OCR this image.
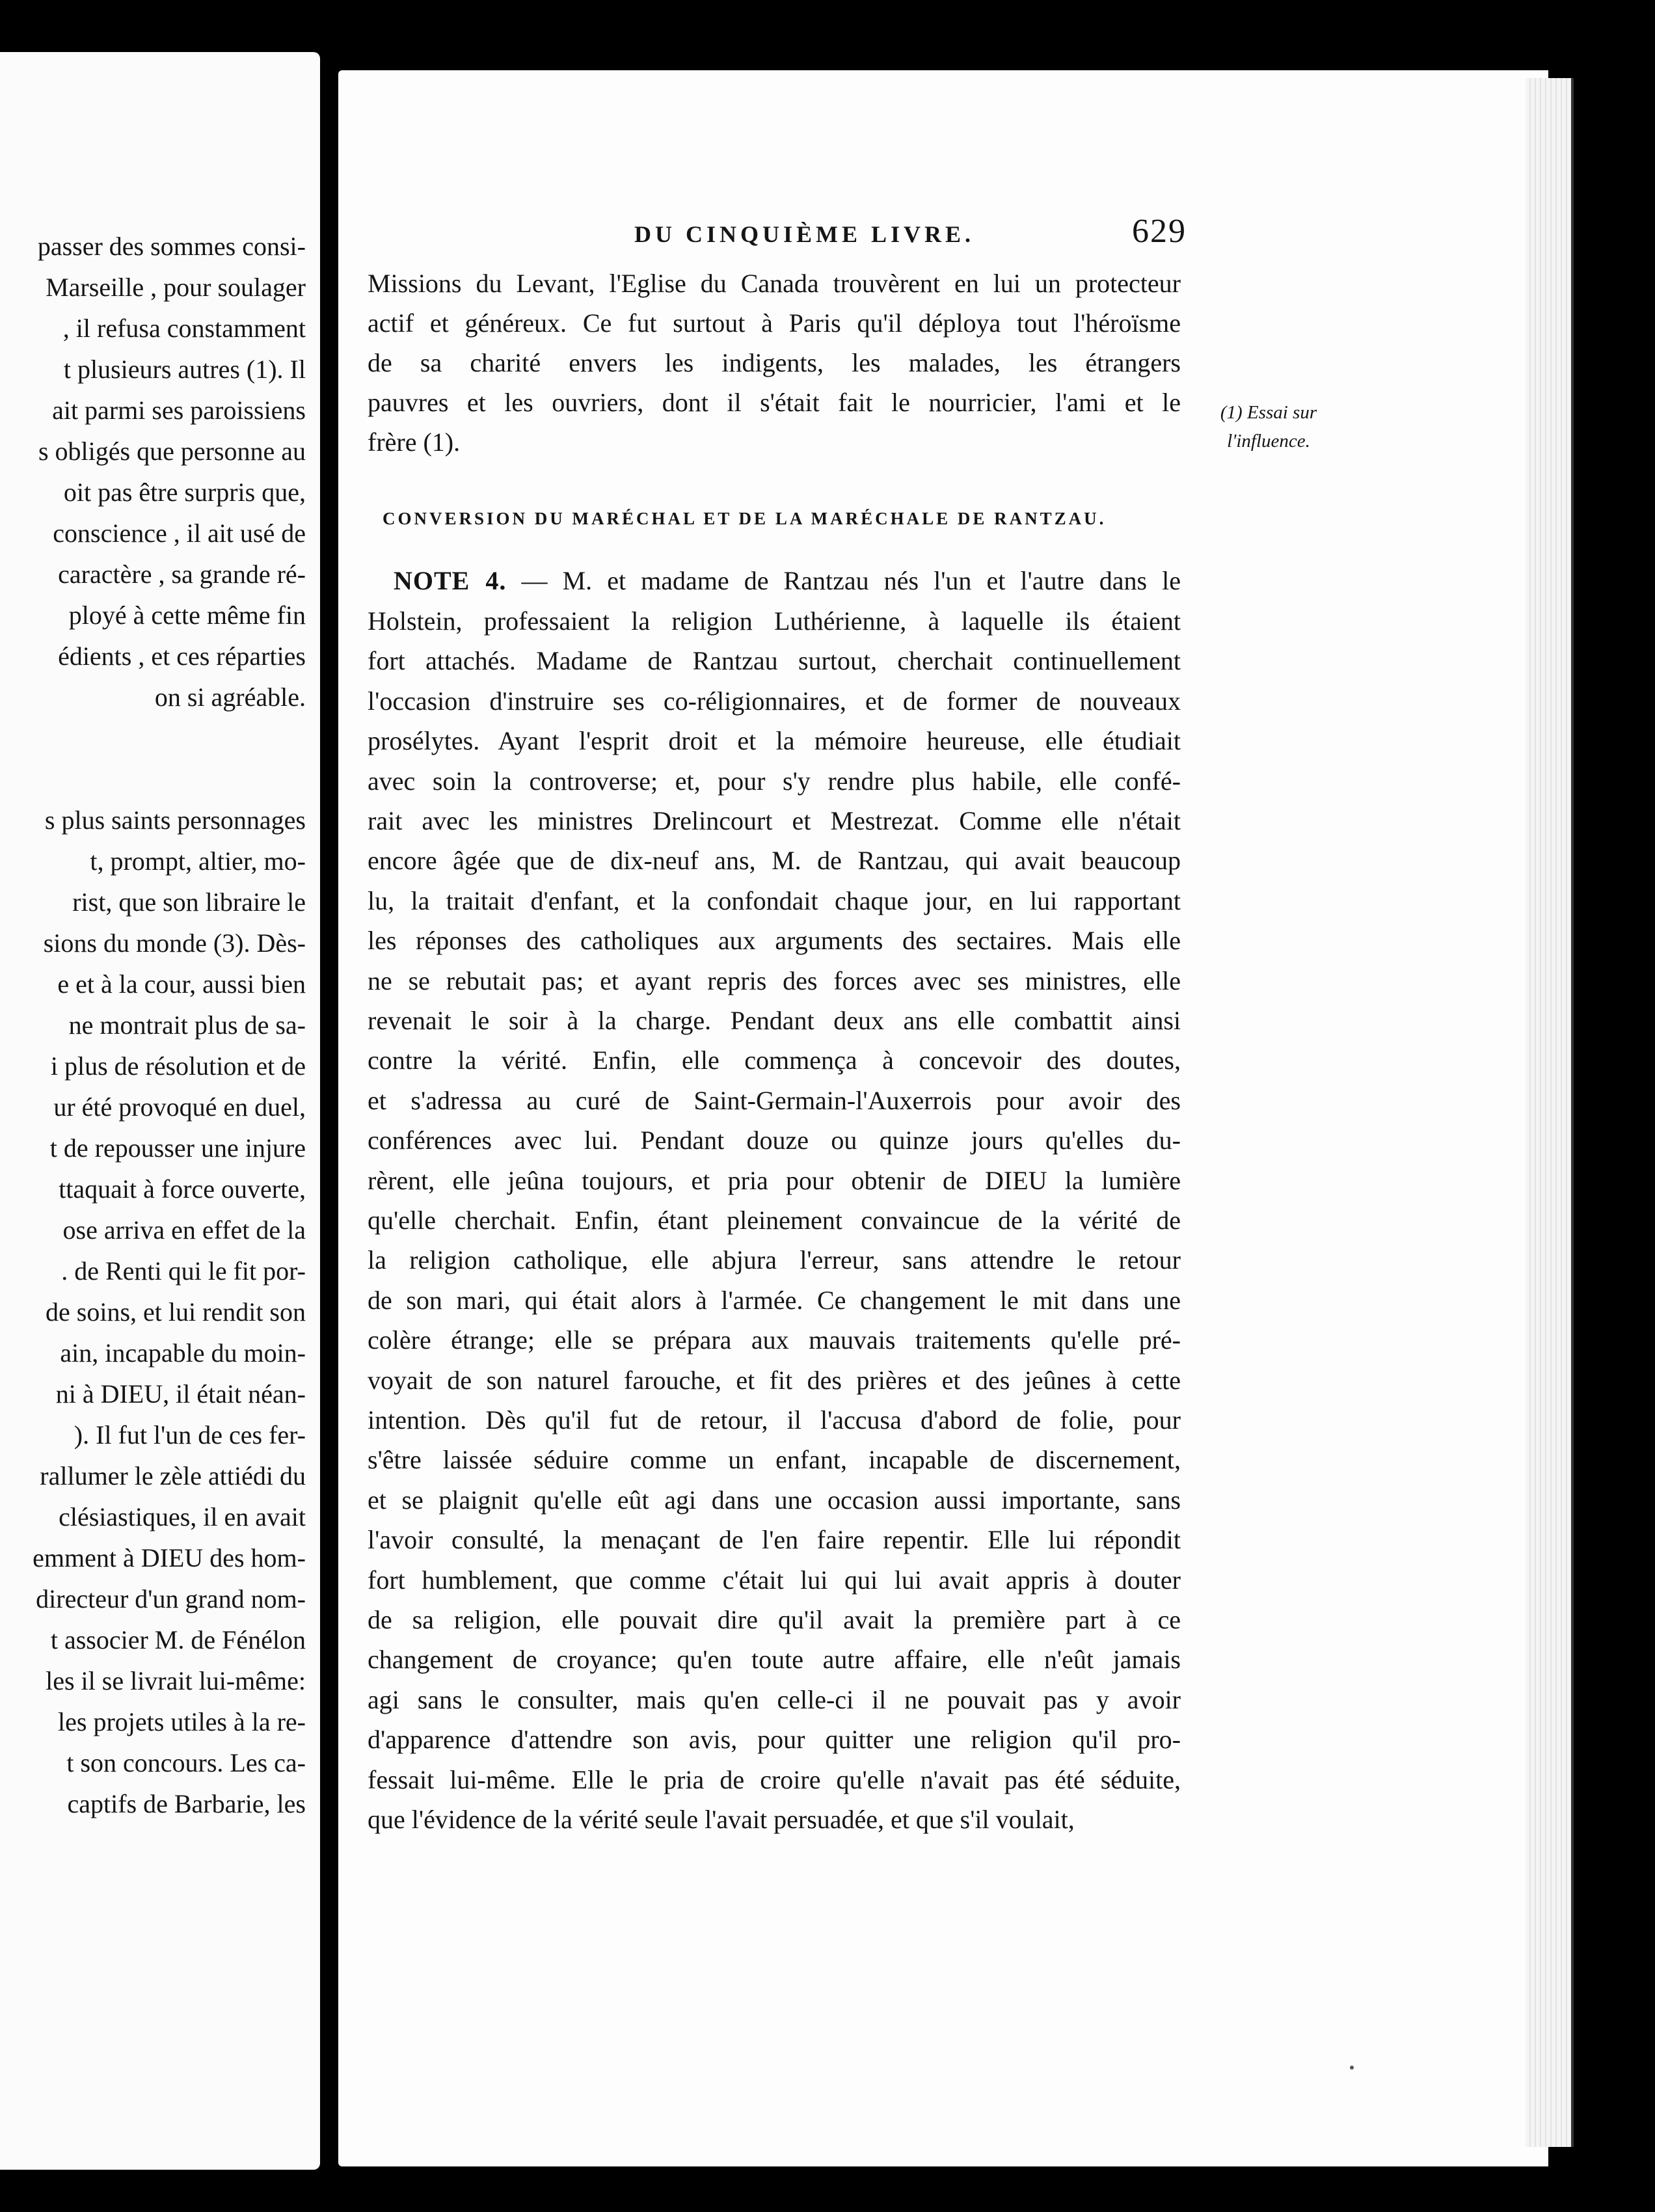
passer des sommes consi-
Marseille , pour soulager
, il refusa constamment
t plusieurs autres (1). Il
ait parmi ses paroissiens
s obligés que personne au
oit pas être surpris que,
conscience , il ait usé de
caractère , sa grande ré-
ployé à cette même fin
édients , et ces réparties
on si agréable.
s plus saints personnages
t, prompt, altier, mo-
rist, que son libraire le
sions du monde (3). Dès-
e et à la cour, aussi bien
ne montrait plus de sa-
i plus de résolution et de
ur été provoqué en duel,
t de repousser une injure
ttaquait à force ouverte,
ose arriva en effet de la
. de Renti qui le fit por-
de soins, et lui rendit son
ain, incapable du moin-
ni à DIEU, il était néan-
). Il fut l'un de ces fer-
rallumer le zèle attiédi du
clésiastiques, il en avait
emment à DIEU des hom-
directeur d'un grand nom-
t associer M. de Fénélon
les il se livrait lui-même:
les projets utiles à la re-
t son concours. Les ca-
captifs de Barbarie, les
DU CINQUIÈME LIVRE.	629
Missions du Levant, l'Eglise du Canada trouvèrent en lui un protecteur
actif et généreux. Ce fut surtout à Paris qu'il déploya tout l'héroïsme
de sa charité envers les indigents, les malades, les étrangers
pauvres et les ouvriers, dont il s'était fait le nourricier, l'ami et le
frère (1).
(1) Essai sur
l'influence.
CONVERSION DU MARÉCHAL ET DE LA MARÉCHALE DE RANTZAU.
NOTE 4. — M. et madame de Rantzau nés l'un et l'autre dans le
Holstein, professaient la religion Luthérienne, à laquelle ils étaient
fort attachés. Madame de Rantzau surtout, cherchait continuellement
l'occasion d'instruire ses co-réligionnaires, et de former de nouveaux
prosélytes. Ayant l'esprit droit et la mémoire heureuse, elle étudiait
avec soin la controverse; et, pour s'y rendre plus habile, elle confé-
rait avec les ministres Drelincourt et Mestrezat. Comme elle n'était
encore âgée que de dix-neuf ans, M. de Rantzau, qui avait beaucoup
lu, la traitait d'enfant, et la confondait chaque jour, en lui rapportant
les réponses des catholiques aux arguments des sectaires. Mais elle
ne se rebutait pas; et ayant repris des forces avec ses ministres, elle
revenait le soir à la charge. Pendant deux ans elle combattit ainsi
contre la vérité. Enfin, elle commença à concevoir des doutes,
et s'adressa au curé de Saint-Germain-l'Auxerrois pour avoir des
conférences avec lui. Pendant douze ou quinze jours qu'elles du-
rèrent, elle jeûna toujours, et pria pour obtenir de DIEU la lumière
qu'elle cherchait. Enfin, étant pleinement convaincue de la vérité de
la religion catholique, elle abjura l'erreur, sans attendre le retour
de son mari, qui était alors à l'armée. Ce changement le mit dans une
colère étrange; elle se prépara aux mauvais traitements qu'elle pré-
voyait de son naturel farouche, et fit des prières et des jeûnes à cette
intention. Dès qu'il fut de retour, il l'accusa d'abord de folie, pour
s'être laissée séduire comme un enfant, incapable de discernement,
et se plaignit qu'elle eût agi dans une occasion aussi importante, sans
l'avoir consulté, la menaçant de l'en faire repentir. Elle lui répondit
fort humblement, que comme c'était lui qui lui avait appris à douter
de sa religion, elle pouvait dire qu'il avait la première part à ce
changement de croyance; qu'en toute autre affaire, elle n'eût jamais
agi sans le consulter, mais qu'en celle-ci il ne pouvait pas y avoir
d'apparence d'attendre son avis, pour quitter une religion qu'il pro-
fessait lui-même. Elle le pria de croire qu'elle n'avait pas été séduite,
que l'évidence de la vérité seule l'avait persuadée, et que s'il voulait,
